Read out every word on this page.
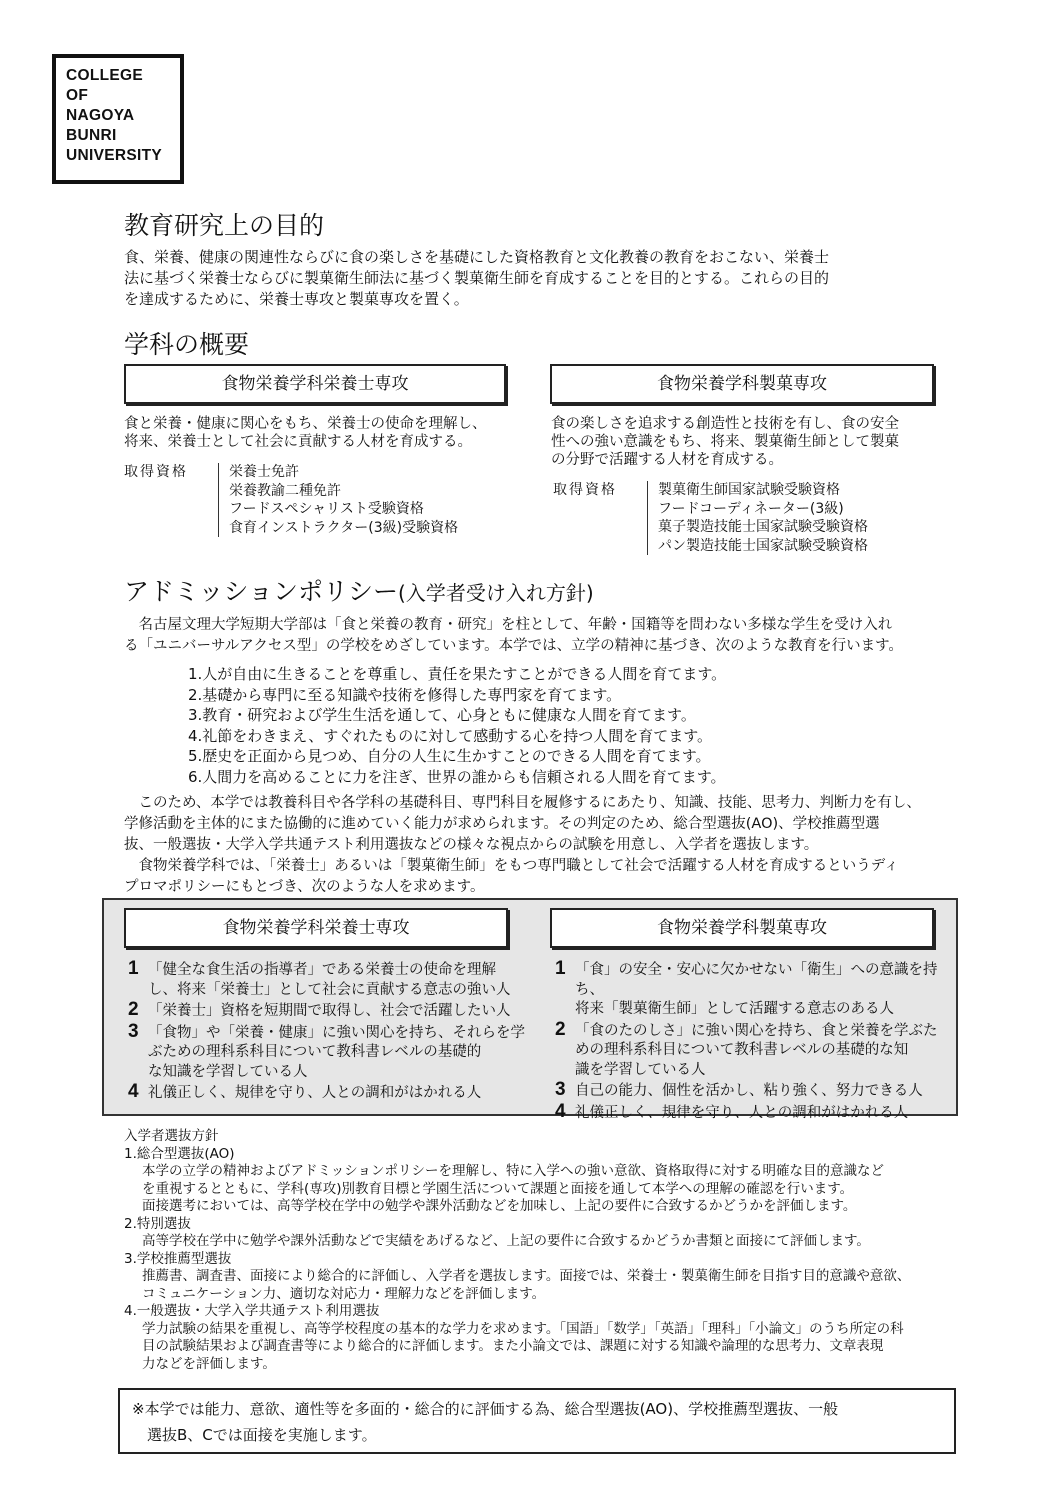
COLLEGE
OF
NAGOYA
BUNRI
UNIVERSITY
教育研究上の目的

食、栄養、健康の関連性ならびに食の楽しさを基礎にした資格教育と文化教養の教育をおこない、栄養士

法に基づく栄養士ならびに製菓衛生師法に基づく製菓衛生師を育成することを目的とする。これらの目的

を達成するために、栄養士専攻と製菓専攻を置く。

学科の概要
食物栄養学科栄養士専攻	食物栄養学科製菓専攻

食と栄養・健康に関心をもち、栄養士の使命を理解し、

将来、栄養士として社会に貢献する人材を育成する。

食の楽しさを追求する創造性と技術を有し、食の安全

性への強い意識をもち、将来、製菓衛生師として製菓

の分野で活躍する人材を育成する。

取得資格	栄養士免許
栄養教諭二種免許
フードスペシャリスト受験資格
食育インストラクター(3級)受験資格
取得資格	製菓衛生師国家試験受験資格
フードコーディネーター(3級)
菓子製造技能士国家試験受験資格
パン製造技能士国家試験受験資格
アドミッションポリシー(入学者受け入れ方針)

　名古屋文理大学短期大学部は「食と栄養の教育・研究」を柱として、年齢・国籍等を問わない多様な学生を受け入れ

る「ユニバーサルアクセス型」の学校をめざしています。本学では、立学の精神に基づき、次のような教育を行います。

1.人が自由に生きることを尊重し、責任を果たすことができる人間を育てます。
2.基礎から専門に至る知識や技術を修得した専門家を育てます。
3.教育・研究および学生生活を通して、心身ともに健康な人間を育てます。
4.礼節をわきまえ、すぐれたものに対して感動する心を持つ人間を育てます。
5.歴史を正面から見つめ、自分の人生に生かすことのできる人間を育てます。
6.人間力を高めることに力を注ぎ、世界の誰からも信頼される人間を育てます。

　このため、本学では教養科目や各学科の基礎科目、専門科目を履修するにあたり、知識、技能、思考力、判断力を有し、

学修活動を主体的にまた協働的に進めていく能力が求められます。その判定のため、総合型選抜(AO)、学校推薦型選

抜、一般選抜・大学入学共通テスト利用選抜などの様々な視点からの試験を用意し、入学者を選抜します。

　食物栄養学科では、「栄養士」あるいは「製菓衛生師」をもつ専門職として社会で活躍する人材を育成するというディ

プロマポリシーにもとづき、次のような人を求めます。

食物栄養学科栄養士専攻	食物栄養学科製菓専攻
1 「健全な食生活の指導者」である栄養士の使命を理解
し、将来「栄養士」として社会に貢献する意志の強い人
2 「栄養士」資格を短期間で取得し、社会で活躍したい人
3 「食物」や「栄養・健康」に強い関心を持ち、それらを学
ぶための理科系科目について教科書レベルの基礎的
な知識を学習している人
4 礼儀正しく、規律を守り、人との調和がはかれる人
1 「食」の安全・安心に欠かせない「衛生」への意識を持ち、
将来「製菓衛生師」として活躍する意志のある人
2 「食のたのしさ」に強い関心を持ち、食と栄養を学ぶた
めの理科系科目について教科書レベルの基礎的な知
識を学習している人
3 自己の能力、個性を活かし、粘り強く、努力できる人
4 礼儀正しく、規律を守り、人との調和がはかれる人
入学者選抜方針
1.総合型選抜(AO)
本学の立学の精神およびアドミッションポリシーを理解し、特に入学への強い意欲、資格取得に対する明確な目的意識など
を重視するとともに、学科(専攻)別教育目標と学園生活について課題と面接を通して本学への理解の確認を行います。
面接選考においては、高等学校在学中の勉学や課外活動などを加味し、上記の要件に合致するかどうかを評価します。
2.特別選抜
高等学校在学中に勉学や課外活動などで実績をあげるなど、上記の要件に合致するかどうか書類と面接にて評価します。
3.学校推薦型選抜
推薦書、調査書、面接により総合的に評価し、入学者を選抜します。面接では、栄養士・製菓衛生師を目指す目的意識や意欲、
コミュニケーション力、適切な対応力・理解力などを評価します。
4.一般選抜・大学入学共通テスト利用選抜
学力試験の結果を重視し、高等学校程度の基本的な学力を求めます。「国語」「数学」「英語」「理科」「小論文」のうち所定の科
目の試験結果および調査書等により総合的に評価します。また小論文では、課題に対する知識や論理的な思考力、文章表現
力などを評価します。
※本学では能力、意欲、適性等を多面的・総合的に評価する為、総合型選抜(AO)、学校推薦型選抜、一般
　選抜B、Cでは面接を実施します。
